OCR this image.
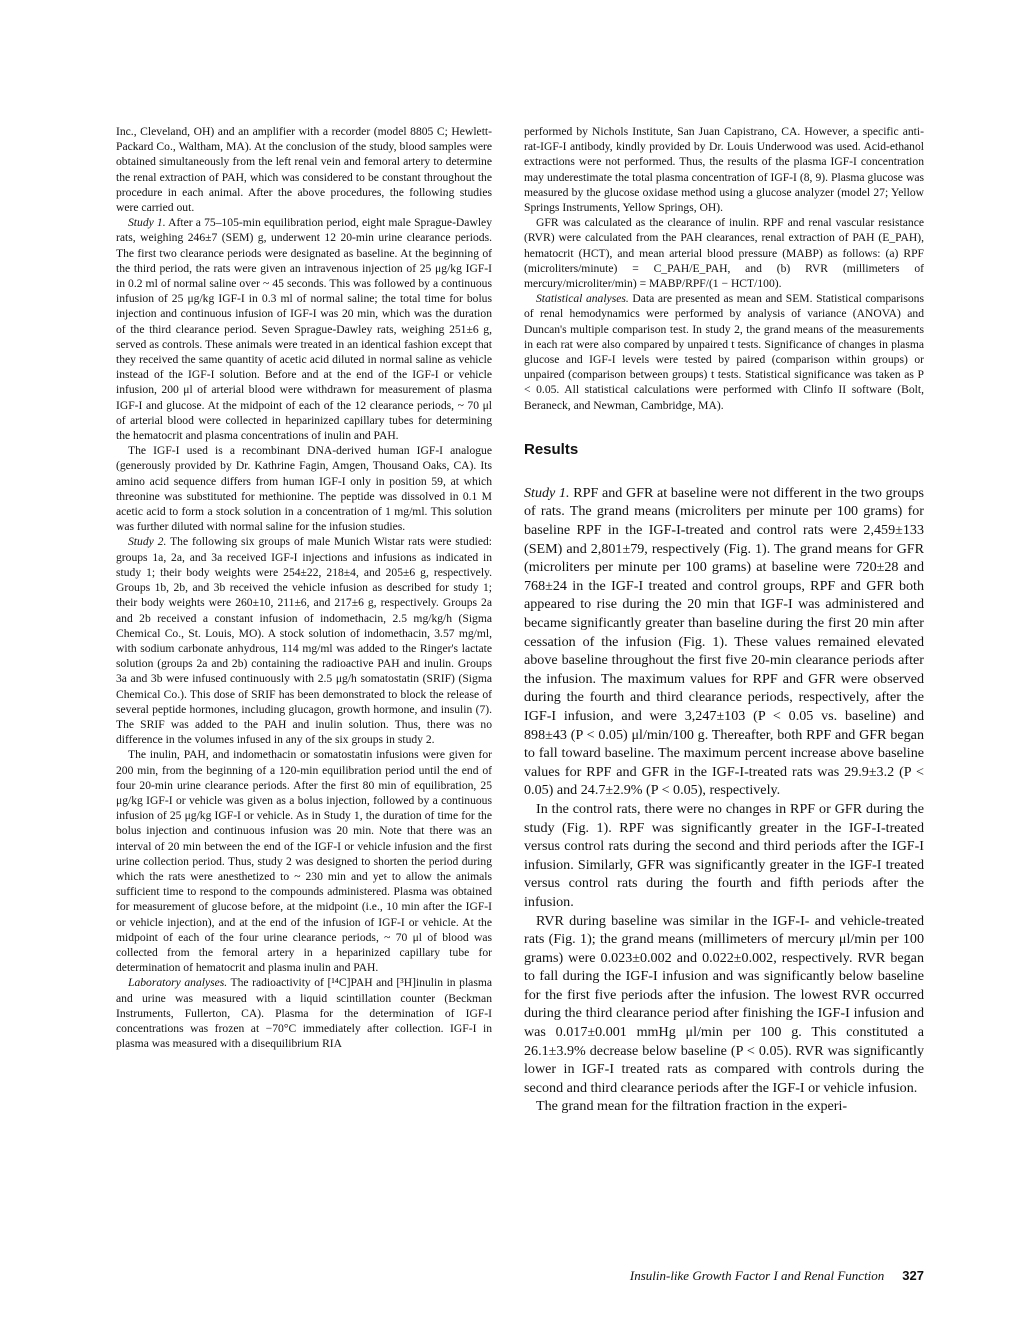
Inc., Cleveland, OH) and an amplifier with a recorder (model 8805 C; Hewlett-Packard Co., Waltham, MA). At the conclusion of the study, blood samples were obtained simultaneously from the left renal vein and femoral artery to determine the renal extraction of PAH, which was considered to be constant throughout the procedure in each animal. After the above procedures, the following studies were carried out.

Study 1. After a 75–105-min equilibration period, eight male Sprague-Dawley rats, weighing 246±7 (SEM) g, underwent 12 20-min urine clearance periods. The first two clearance periods were designated as baseline. At the beginning of the third period, the rats were given an intravenous injection of 25 μg/kg IGF-I in 0.2 ml of normal saline over ~ 45 seconds. This was followed by a continuous infusion of 25 μg/kg IGF-I in 0.3 ml of normal saline; the total time for bolus injection and continuous infusion of IGF-I was 20 min, which was the duration of the third clearance period. Seven Sprague-Dawley rats, weighing 251±6 g, served as controls. These animals were treated in an identical fashion except that they received the same quantity of acetic acid diluted in normal saline as vehicle instead of the IGF-I solution. Before and at the end of the IGF-I or vehicle infusion, 200 μl of arterial blood were withdrawn for measurement of plasma IGF-I and glucose. At the midpoint of each of the 12 clearance periods, ~ 70 μl of arterial blood were collected in heparinized capillary tubes for determining the hematocrit and plasma concentrations of inulin and PAH.

The IGF-I used is a recombinant DNA-derived human IGF-I analogue (generously provided by Dr. Kathrine Fagin, Amgen, Thousand Oaks, CA). Its amino acid sequence differs from human IGF-I only in position 59, at which threonine was substituted for methionine. The peptide was dissolved in 0.1 M acetic acid to form a stock solution in a concentration of 1 mg/ml. This solution was further diluted with normal saline for the infusion studies.

Study 2. The following six groups of male Munich Wistar rats were studied: groups 1a, 2a, and 3a received IGF-I injections and infusions as indicated in study 1; their body weights were 254±22, 218±4, and 205±6 g, respectively. Groups 1b, 2b, and 3b received the vehicle infusion as described for study 1; their body weights were 260±10, 211±6, and 217±6 g, respectively. Groups 2a and 2b received a constant infusion of indomethacin, 2.5 mg/kg/h (Sigma Chemical Co., St. Louis, MO). A stock solution of indomethacin, 3.57 mg/ml, with sodium carbonate anhydrous, 114 mg/ml was added to the Ringer's lactate solution (groups 2a and 2b) containing the radioactive PAH and inulin. Groups 3a and 3b were infused continuously with 2.5 μg/h somatostatin (SRIF) (Sigma Chemical Co.). This dose of SRIF has been demonstrated to block the release of several peptide hormones, including glucagon, growth hormone, and insulin (7). The SRIF was added to the PAH and inulin solution. Thus, there was no difference in the volumes infused in any of the six groups in study 2.

The inulin, PAH, and indomethacin or somatostatin infusions were given for 200 min, from the beginning of a 120-min equilibration period until the end of four 20-min urine clearance periods. After the first 80 min of equilibration, 25 μg/kg IGF-I or vehicle was given as a bolus injection, followed by a continuous infusion of 25 μg/kg IGF-I or vehicle. As in Study 1, the duration of time for the bolus injection and continuous infusion was 20 min. Note that there was an interval of 20 min between the end of the IGF-I or vehicle infusion and the first urine collection period. Thus, study 2 was designed to shorten the period during which the rats were anesthetized to ~ 230 min and yet to allow the animals sufficient time to respond to the compounds administered. Plasma was obtained for measurement of glucose before, at the midpoint (i.e., 10 min after the IGF-I or vehicle injection), and at the end of the infusion of IGF-I or vehicle. At the midpoint of each of the four urine clearance periods, ~ 70 μl of blood was collected from the femoral artery in a heparinized capillary tube for determination of hematocrit and plasma inulin and PAH.

Laboratory analyses. The radioactivity of [¹⁴C]PAH and [³H]inulin in plasma and urine was measured with a liquid scintillation counter (Beckman Instruments, Fullerton, CA). Plasma for the determination of IGF-I concentrations was frozen at −70°C immediately after collection. IGF-I in plasma was measured with a disequilibrium RIA

performed by Nichols Institute, San Juan Capistrano, CA. However, a specific anti-rat-IGF-I antibody, kindly provided by Dr. Louis Underwood was used. Acid-ethanol extractions were not performed. Thus, the results of the plasma IGF-I concentration may underestimate the total plasma concentration of IGF-I (8, 9). Plasma glucose was measured by the glucose oxidase method using a glucose analyzer (model 27; Yellow Springs Instruments, Yellow Springs, OH).

GFR was calculated as the clearance of inulin. RPF and renal vascular resistance (RVR) were calculated from the PAH clearances, renal extraction of PAH (E_PAH), hematocrit (HCT), and mean arterial blood pressure (MABP) as follows: (a) RPF (microliters/minute) = C_PAH/E_PAH, and (b) RVR (millimeters of mercury/microliter/min) = MABP/RPF/(1 − HCT/100).

Statistical analyses. Data are presented as mean and SEM. Statistical comparisons of renal hemodynamics were performed by analysis of variance (ANOVA) and Duncan's multiple comparison test. In study 2, the grand means of the measurements in each rat were also compared by unpaired t tests. Significance of changes in plasma glucose and IGF-I levels were tested by paired (comparison within groups) or unpaired (comparison between groups) t tests. Statistical significance was taken as P < 0.05. All statistical calculations were performed with Clinfo II software (Bolt, Beraneck, and Newman, Cambridge, MA).

Results

Study 1. RPF and GFR at baseline were not different in the two groups of rats. The grand means (microliters per minute per 100 grams) for baseline RPF in the IGF-I-treated and control rats were 2,459±133 (SEM) and 2,801±79, respectively (Fig. 1). The grand means for GFR (microliters per minute per 100 grams) at baseline were 720±28 and 768±24 in the IGF-I treated and control groups, RPF and GFR both appeared to rise during the 20 min that IGF-I was administered and became significantly greater than baseline during the first 20 min after cessation of the infusion (Fig. 1). These values remained elevated above baseline throughout the first five 20-min clearance periods after the infusion. The maximum values for RPF and GFR were observed during the fourth and third clearance periods, respectively, after the IGF-I infusion, and were 3,247±103 (P < 0.05 vs. baseline) and 898±43 (P < 0.05) μl/min/100 g. Thereafter, both RPF and GFR began to fall toward baseline. The maximum percent increase above baseline values for RPF and GFR in the IGF-I-treated rats was 29.9±3.2 (P < 0.05) and 24.7±2.9% (P < 0.05), respectively.

In the control rats, there were no changes in RPF or GFR during the study (Fig. 1). RPF was significantly greater in the IGF-I-treated versus control rats during the second and third periods after the IGF-I infusion. Similarly, GFR was significantly greater in the IGF-I treated versus control rats during the fourth and fifth periods after the infusion.

RVR during baseline was similar in the IGF-I- and vehicle-treated rats (Fig. 1); the grand means (millimeters of mercury μl/min per 100 grams) were 0.023±0.002 and 0.022±0.002, respectively. RVR began to fall during the IGF-I infusion and was significantly below baseline for the first five periods after the infusion. The lowest RVR occurred during the third clearance period after finishing the IGF-I infusion and was 0.017±0.001 mmHg μl/min per 100 g. This constituted a 26.1±3.9% decrease below baseline (P < 0.05). RVR was significantly lower in IGF-I treated rats as compared with controls during the second and third clearance periods after the IGF-I or vehicle infusion.

The grand mean for the filtration fraction in the experi-

Insulin-like Growth Factor I and Renal Function 327
